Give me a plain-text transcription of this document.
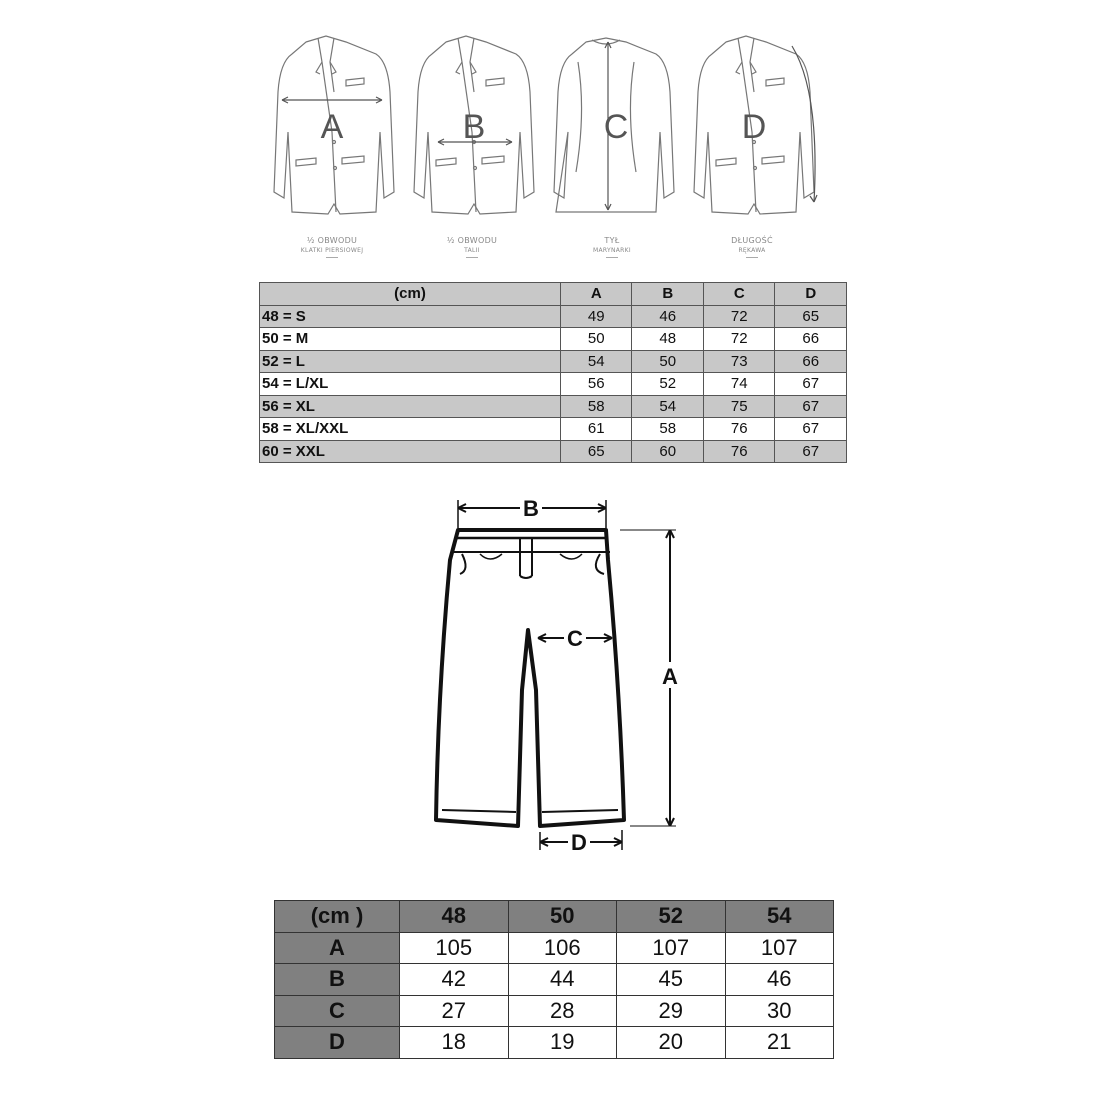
A	B	C	D
½ OBWODU
KLATKI PIERSIOWEJ
½ OBWODU
TALII
TYŁ
MARYNARKI
DŁUGOŚĆ
RĘKAWA
(cm)	A	B	C	D
48 = S	49	46	72	65
50 = M	50	48	72	66
52 = L	54	50	73	66
54 = L/XL	56	52	74	67
56 = XL	58	54	75	67
58 = XL/XXL	61	58	76	67
60 = XXL	65	60	76	67
B
C
A
D
(cm )	48	50	52	54
A	105	106	107	107
B	42	44	45	46
C	27	28	29	30
D	18	19	20	21
